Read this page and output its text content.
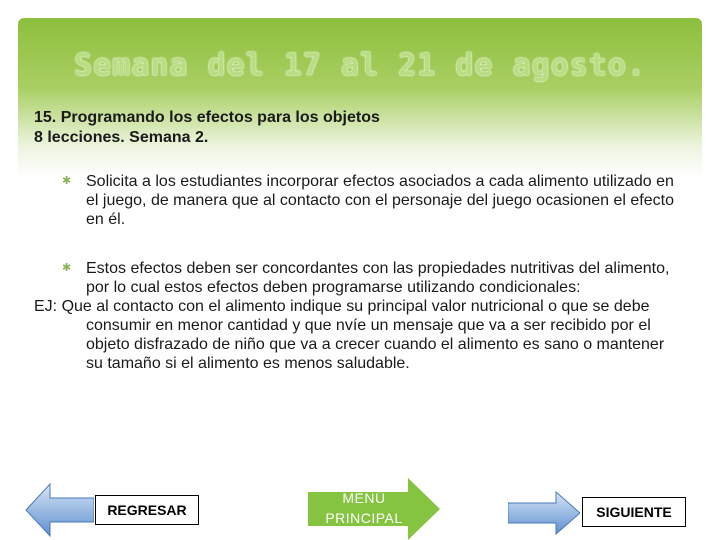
Semana del 17 al 21 de agosto.
15. Programando los efectos para los objetos
8 lecciones. Semana 2.
✱ Solicita a los estudiantes incorporar efectos asociados a cada alimento utilizado en el juego, de manera que al contacto con el personaje del juego ocasionen el efecto en él.
✱ Estos efectos deben ser concordantes con las propiedades nutritivas del alimento, por lo cual estos efectos deben programarse utilizando condicionales:
EJ: Que al contacto con el alimento indique su principal valor nutricional o que se debe consumir en menor cantidad y que nvíe un mensaje que va a ser recibido por el objeto disfrazado de niño que va a crecer cuando el alimento es sano o mantener su tamaño si el alimento es menos saludable.
REGRESAR
MENÚ PRINCIPAL	SIGUIENTE
